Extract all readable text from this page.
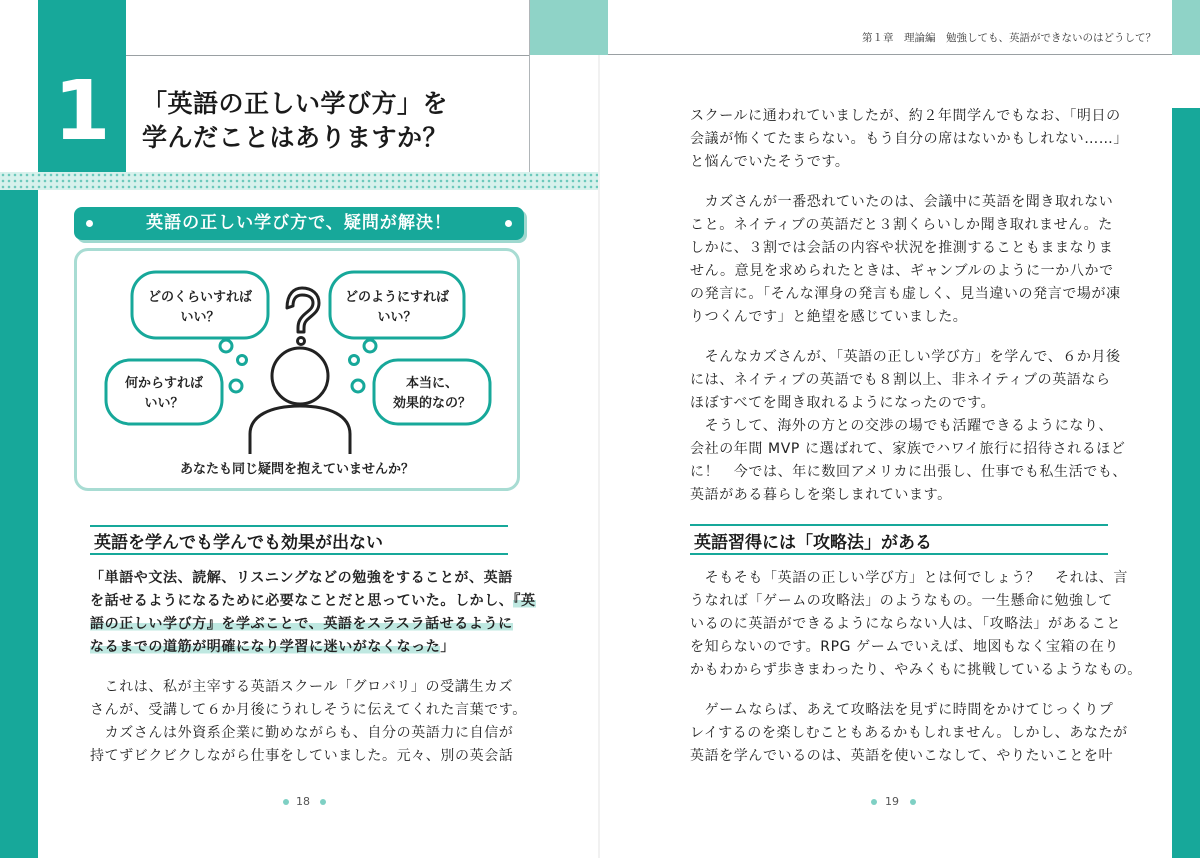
1	「英語の正しい学び方」を
学んだことはありますか？
英語の正しい学び方で、疑問が解決！
どのくらいすれば
いい？
どのようにすれば
いい？
何からすれば
いい？
本当に、
効果的なの？
あなたも同じ疑問を抱えていませんか？
英語を学んでも学んでも効果が出ない
「単語や文法、読解、リスニングなどの勉強をすることが、英語
を話せるようになるために必要なことだと思っていた。しかし、『英
語の正しい学び方』を学ぶことで、英語をスラスラ話せるように
なるまでの道筋が明確になり学習に迷いがなくなった」
　これは、私が主宰する英語スクール「グロバリ」の受講生カズ
さんが、受講して６か月後にうれしそうに伝えてくれた言葉です。
　カズさんは外資系企業に勤めながらも、自分の英語力に自信が
持てずビクビクしながら仕事をしていました。元々、別の英会話
18
第１章　理論編　勉強しても、英語ができないのはどうして？
スクールに通われていましたが、約２年間学んでもなお、「明日の
会議が怖くてたまらない。もう自分の席はないかもしれない……」
と悩んでいたそうです。
　カズさんが一番恐れていたのは、会議中に英語を聞き取れない
こと。ネイティブの英語だと３割くらいしか聞き取れません。た
しかに、３割では会話の内容や状況を推測することもままなりま
せん。意見を求められたときは、ギャンブルのように一か八かで
の発言に。「そんな渾身の発言も虚しく、見当違いの発言で場が凍
りつくんです」と絶望を感じていました。
　そんなカズさんが、「英語の正しい学び方」を学んで、６か月後
には、ネイティブの英語でも８割以上、非ネイティブの英語なら
ほぼすべてを聞き取れるようになったのです。
　そうして、海外の方との交渉の場でも活躍できるようになり、
会社の年間 MVP に選ばれて、家族でハワイ旅行に招待されるほど
に！　今では、年に数回アメリカに出張し、仕事でも私生活でも、
英語がある暮らしを楽しまれています。
英語習得には「攻略法」がある
　そもそも「英語の正しい学び方」とは何でしょう？　それは、言
うなれば「ゲームの攻略法」のようなもの。一生懸命に勉強して
いるのに英語ができるようにならない人は、「攻略法」があること
を知らないのです。RPG ゲームでいえば、地図もなく宝箱の在り
かもわからず歩きまわったり、やみくもに挑戦しているようなもの。
　ゲームならば、あえて攻略法を見ずに時間をかけてじっくりプ
レイするのを楽しむこともあるかもしれません。しかし、あなたが
英語を学んでいるのは、英語を使いこなして、やりたいことを叶
19
